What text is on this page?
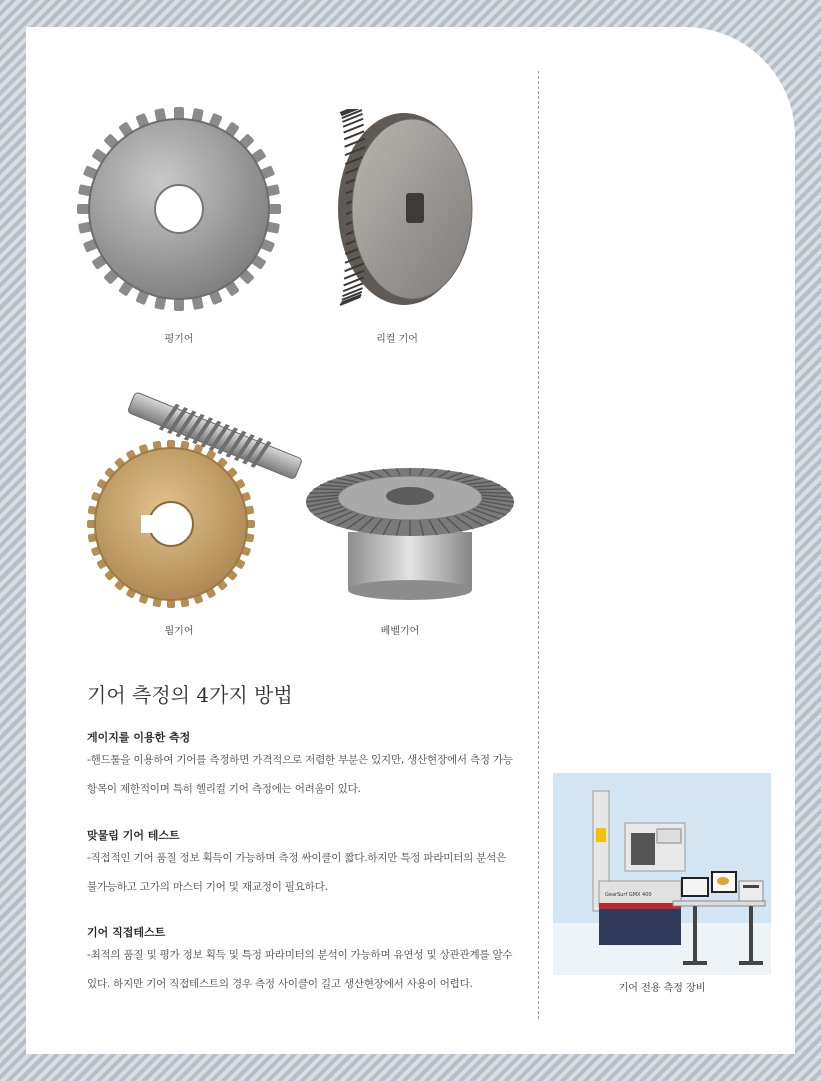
평기어	리컬 기어
웜기어	베벨기어
기어 측정의 4가지 방법
게이지를 이용한 측정
-핸드툴을 이용하여 기어를 측정하면 가격적으로 저렴한 부분은 있지만, 생산현장에서 측정 가능 항목이 제한적이며 특히 헬리컬 기어 측정에는 어려움이 있다.
맞물림 기어 테스트
-직접적인 기어 품질 정보 획득이 가능하며 측정 싸이클이 짧다.하지만 특정 파라미터의 분석은 불가능하고 고가의 마스터 기어 및 재교정이 필요하다.
기어 직접테스트
-최적의 품질 및 평가 정보 획득 및 특정 파라미터의 분석이 가능하며 유연성 및 상관관계를 알수 있다. 하지만 기어 직접테스트의 경우 측정 사이클이 길고 생산현장에서 사용이 어렵다.
GearSurf GMX 400
기어 전용 측정 장비
